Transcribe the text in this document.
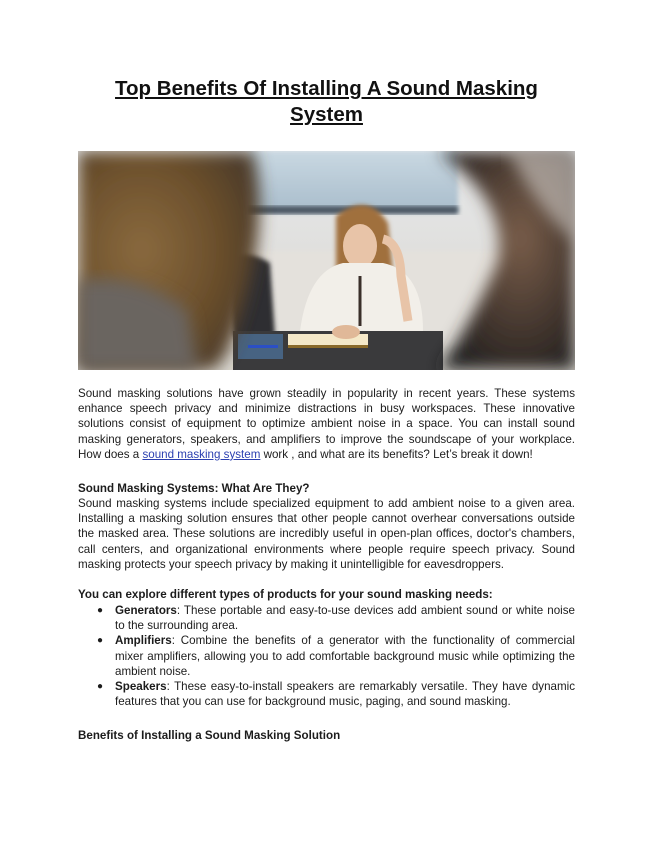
Top Benefits Of Installing A Sound Masking System

Sound masking solutions have grown steadily in popularity in recent years. These systems enhance speech privacy and minimize distractions in busy workspaces. These innovative solutions consist of equipment to optimize ambient noise in a space. You can install sound masking generators, speakers, and amplifiers to improve the soundscape of your workplace. How does a sound masking system work , and what are its benefits? Let’s break it down!

Sound Masking Systems: What Are They?

Sound masking systems include specialized equipment to add ambient noise to a given area. Installing a masking solution ensures that other people cannot overhear conversations outside the masked area. These solutions are incredibly useful in open-plan offices, doctor's chambers, call centers, and organizational environments where people require speech privacy. Sound masking protects your speech privacy by making it unintelligible for eavesdroppers.

You can explore different types of products for your sound masking needs:

●	Generators: These portable and easy-to-use devices add ambient sound or white noise to the surrounding area.
●	Amplifiers: Combine the benefits of a generator with the functionality of commercial mixer amplifiers, allowing you to add comfortable background music while optimizing the ambient noise.
●	Speakers: These easy-to-install speakers are remarkably versatile. They have dynamic features that you can use for background music, paging, and sound masking.

Benefits of Installing a Sound Masking Solution
